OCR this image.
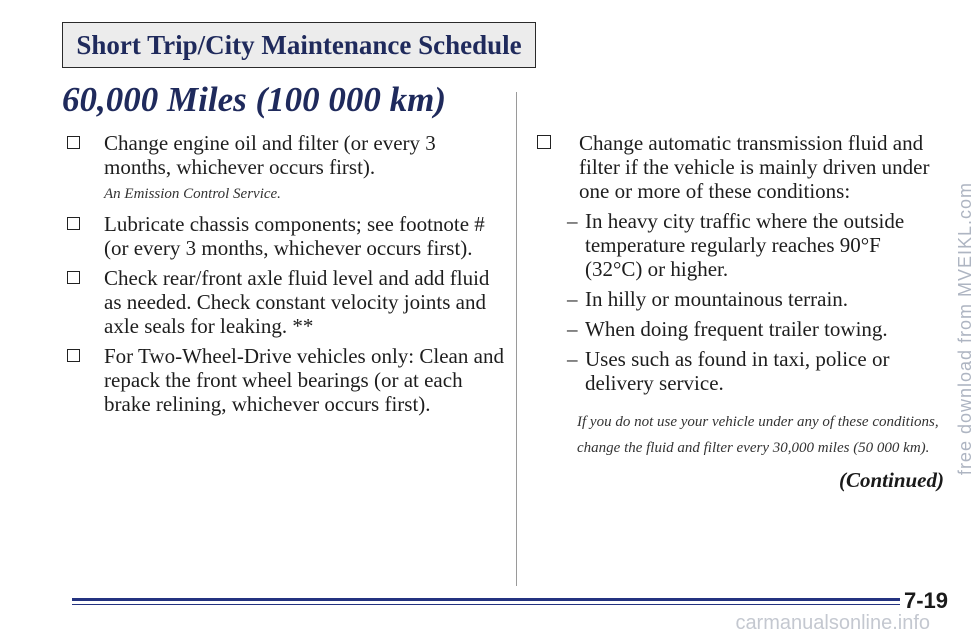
Short Trip/City Maintenance Schedule
60,000 Miles (100 000 km)
Change engine oil and filter (or every 3 months, whichever occurs first).
An Emission Control Service.
Lubricate chassis components; see footnote # (or every 3 months, whichever occurs first).
Check rear/front axle fluid level and add fluid as needed. Check constant velocity joints and axle seals for leaking. **
For Two-Wheel-Drive vehicles only: Clean and repack the front wheel bearings (or at each brake relining, whichever occurs first).
Change automatic transmission fluid and filter if the vehicle is mainly driven under one or more of these conditions:
– In heavy city traffic where the outside temperature regularly reaches 90°F (32°C) or higher.
– In hilly or mountainous terrain.
– When doing frequent trailer towing.
– Uses such as found in taxi, police or delivery service.
If you do not use your vehicle under any of these conditions, change the fluid and filter every 30,000 miles (50 000 km).
(Continued)
7-19
free download from MVEIKL.com
carmanualsonline.info
